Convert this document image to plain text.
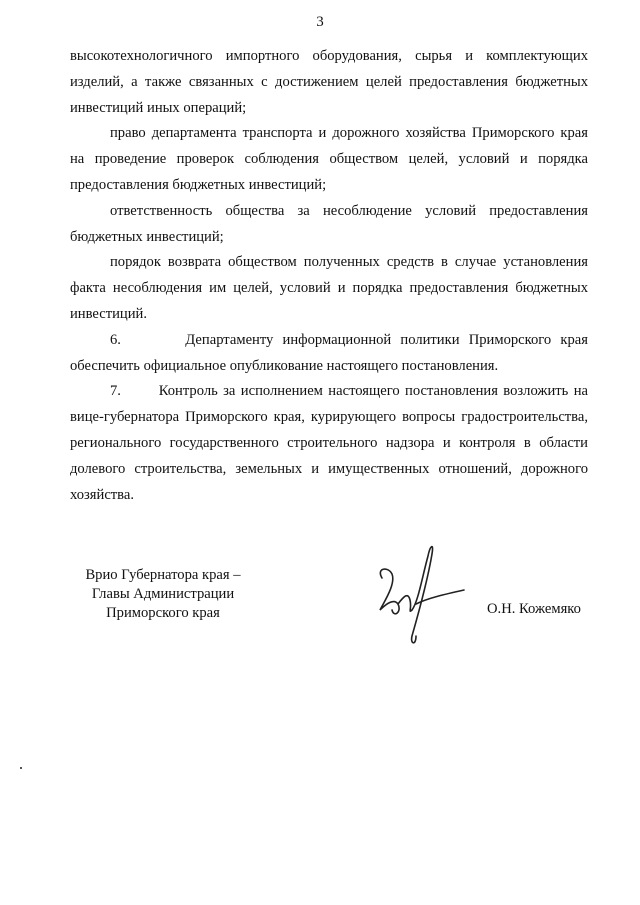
3

высокотехнологичного импортного оборудования, сырья и комплектующих изделий, а также связанных с достижением целей предоставления бюджетных инвестиций иных операций;

право департамента транспорта и дорожного хозяйства Приморского края на проведение проверок соблюдения обществом целей, условий и порядка предоставления бюджетных инвестиций;

ответственность общества за несоблюдение условий предоставления бюджетных инвестиций;

порядок возврата обществом полученных средств в случае установления факта несоблюдения им целей, условий и порядка предоставления бюджетных инвестиций.

6.       Департаменту информационной политики Приморского края обеспечить официальное опубликование настоящего постановления.

7.       Контроль за исполнением настоящего постановления возложить на вице-губернатора Приморского края, курирующего вопросы градостроительства, регионального государственного строительного надзора и контроля в области долевого строительства, земельных и имущественных отношений, дорожного хозяйства.

Врио Губернатора края –
Главы Администрации
Приморского края	О.Н. Кожемяко
